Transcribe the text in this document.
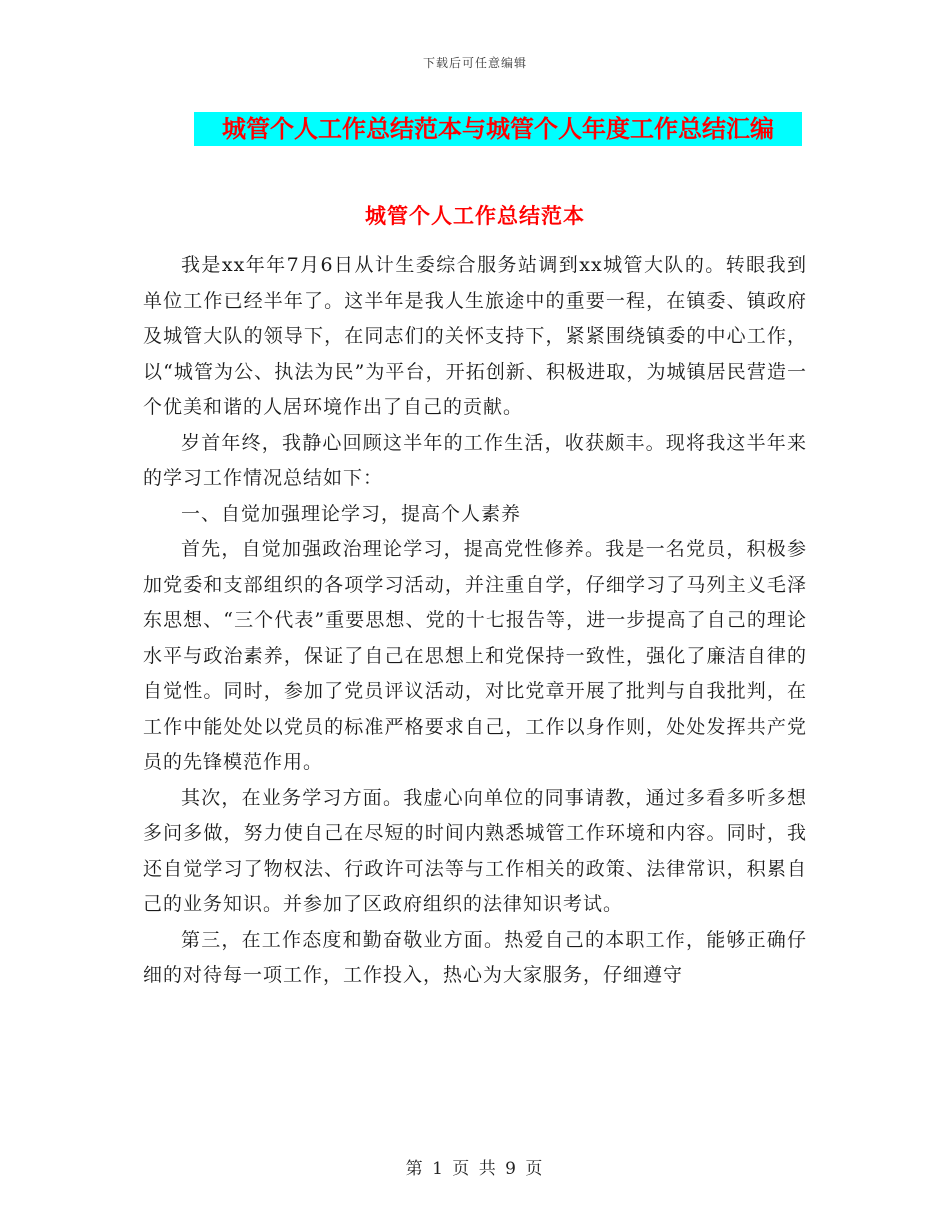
下载后可任意编辑
城管个人工作总结范本与城管个人年度工作总结汇编
城管个人工作总结范本

我是xx年年7月6日从计生委综合服务站调到xx城管大队的。转眼我到单位工作已经半年了。这半年是我人生旅途中的重要一程，在镇委、镇政府及城管大队的领导下，在同志们的关怀支持下，紧紧围绕镇委的中心工作，以“城管为公、执法为民”为平台，开拓创新、积极进取，为城镇居民营造一个优美和谐的人居环境作出了自己的贡献。

岁首年终，我静心回顾这半年的工作生活，收获颇丰。现将我这半年来的学习工作情况总结如下：

一、自觉加强理论学习，提高个人素养

首先，自觉加强政治理论学习，提高党性修养。我是一名党员，积极参加党委和支部组织的各项学习活动，并注重自学，仔细学习了马列主义毛泽东思想、“三个代表”重要思想、党的十七报告等，进一步提高了自己的理论水平与政治素养，保证了自己在思想上和党保持一致性，强化了廉洁自律的自觉性。同时，参加了党员评议活动，对比党章开展了批判与自我批判，在工作中能处处以党员的标准严格要求自己，工作以身作则，处处发挥共产党员的先锋模范作用。

其次，在业务学习方面。我虚心向单位的同事请教，通过多看多听多想多问多做，努力使自己在尽短的时间内熟悉城管工作环境和内容。同时，我还自觉学习了物权法、行政许可法等与工作相关的政策、法律常识，积累自己的业务知识。并参加了区政府组织的法律知识考试。

第三，在工作态度和勤奋敬业方面。热爱自己的本职工作，能够正确仔细的对待每一项工作，工作投入，热心为大家服务，仔细遵守

第 1 页 共 9 页
